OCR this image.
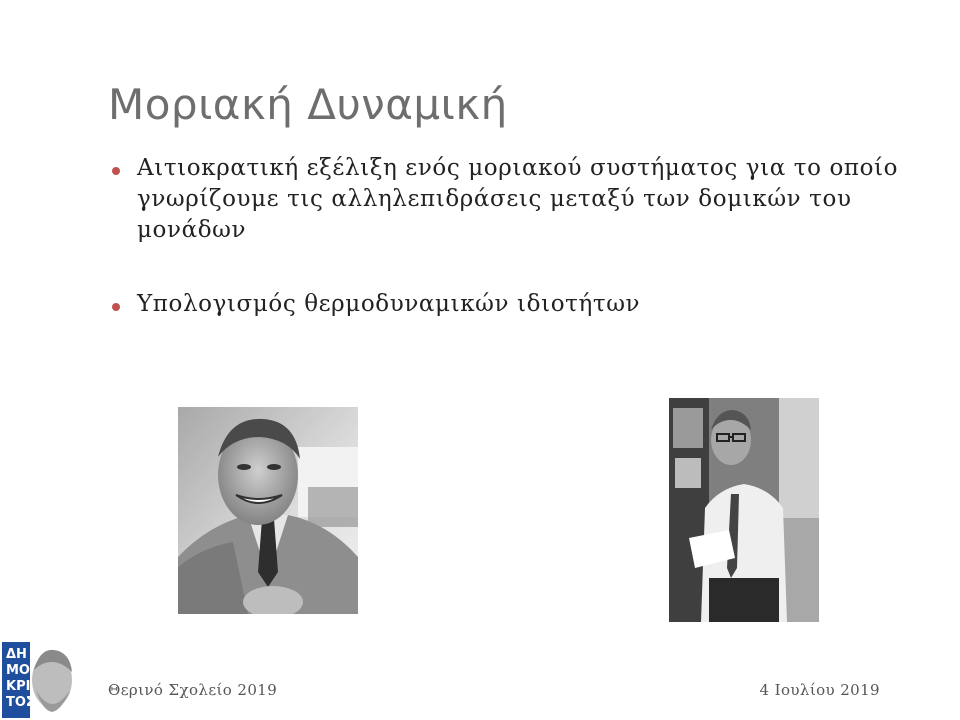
Μοριακή Δυναμική
Αιτιοκρατική εξέλιξη ενός μοριακού συστήματος για το οποίο γνωρίζουμε τις αλληλεπιδράσεις μεταξύ των δομικών του μονάδων
Υπολογισμός θερμοδυναμικών ιδιοτήτων
ΔΗ
ΜΟ
ΚΡΙ
ΤΟΣ
Θερινό Σχολείο 2019	4 Ιουλίου 2019
